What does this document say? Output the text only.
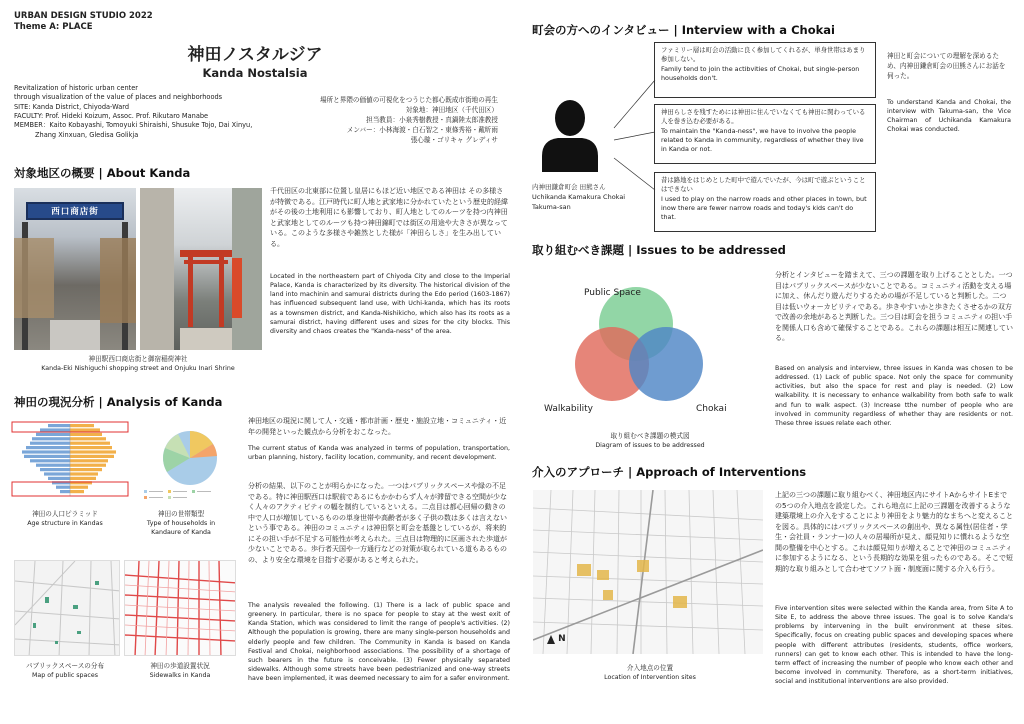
URBAN DESIGN STUDIO 2022
Theme A: PLACE
神田ノスタルジア
Kanda Nostalsia
Revitalization of historic urban center
through visualization of the value of places and neighborhoods
SITE: Kanda District, Chiyoda-Ward
FACULTY: Prof. Hideki Koizum, Assoc. Prof. Rikutaro Manabe
MEMBER：Kaito Kobayashi, Tomoyuki Shiraishi, Shusuke Tojo, Dai Xinyu,
Zhang Xinxuan, Gledisa Golikja
場所と界隈の価値の可視化をつうじた都心既成市街地の再生
対象地：神田地区（千代田区）
担当教員：小泉秀樹教授・真鍋陸太郎准教授
メンバー：小林海渡・白石智之・東條秀裕・戴昕雨
張心璇・ゴリキャ グレディサ
対象地区の概要 | About Kanda
西口商店街
神田駅西口商店街と御宿稲荷神社
Kanda-Eki Nishiguchi shopping street and Onjuku Inari Shrine
千代田区の北東部に位置し皇居にもほど近い地区である神田は その多様さが特徴である。江戸時代に町人地と武家地に分かれていたという歴史的経緯がその後の土地利用にも影響しており、町人地としてのルーツを持つ内神田と武家地としてのルーツも持つ神田錦町では街区の用途や大きさが異なっている。このような多様さや雑然とした様が「神田らしさ」を生み出している。
Located in the northeastern part of Chiyoda City and close to the Imperial Palace, Kanda is characterized by its diversity. The historical division of the land into machinin and samurai districts during the Edo period (1603-1867) has influenced subsequent land use, with Uchi-kanda, which has its roots as a townsmen district, and Kanda-Nishikicho, which also has its roots as a samurai district, having different uses and sizes for the city blocks. This diversity and chaos creates the "Kanda-ness" of the area.
神田の現況分析 | Analysis of Kanda
神田の人口ピラミッド
Age structure in Kandas
神田の世帯類型
Type of households in
Kandaure of Kanda
パブリックスペースの分布
Map of public spaces
神田の歩道設置状況
Sidewalks in Kanda
神田地区の現況に関して人・交通・都市計画・歴史・施設立地・コミュニティ・近年の開発といった観点から分析をおこなった。
The current status of Kanda was analyzed in terms of population, transportation, urban planning, history, facility location, community, and recent development.
分析の結果、以下のことが明らかになった。一つはパブリックスペースや緑の不足である。特に神田駅西口は駅前であるにもかかわらず人々が滞留できる空間が少なく人々のアクティビティの幅を制約しているといえる。二点目は都心回帰の動きの中で人口が増加しているものの単身世帯や高齢者が多く子供の数は多くは言えないという事である。神田のコミュニティは神田祭と町会を基盤としているが、将来的にその担い手が不足する可能性が考えられた。三点目は物理的に区画された歩道が少ないことである。歩行者天国や一方通行などの対策が取られている道もあるものの、より安全な環境を目指す必要があると考えられた。
The analysis revealed the following. (1) There is a lack of public space and greenery. In particular, there is no space for people to stay at the west exit of Kanda Station, which was considered to limit the range of people's activities. (2) Although the population is growing, there are many single-person households and elderly people and few children. The Community in Kanda is based on Kanda Festival and Chokai, neighborhood associations. The possibility of a shortage of such bearers in the future is conceivable. (3) Fewer physically separated sidewalks. Although some streets have been pedestrianized and one-way streets have been implemented, it was deemed necessary to aim for a safer environment.
町会の方へのインタビュー | Interview with a Chokai
内神田鎌倉町会 田熊さん
Uchikanda Kamakura Chokai
Takuma-san
ファミリー層は町会の活動に良く参加してくれるが、単身世帯はあまり参加しない。
Family tend to join the actibvities of Chokai, but single-person households don't.
神田らしさを残すためには神田に住んでいなくても神田に関わっている人を巻き込む必要がある。
To maintain the "Kanda-ness", we have to involve the people related to Kanda in community, regardless of whether they live in Kanda or not.
昔は路地をはじめとした町中で遊んでいたが、今は町で遊ぶということはできない
I used to play on the narrow roads and other places in town, but inow there are fewer narrow roads and today's kids can't do that.
神田と町会についての理解を深めるため、内神田鎌倉町会の田熊さんにお話を伺った。
To understand Kanda and Chokai, the interview with Takuma-san, the Vice Chairman of Uchikanda Kamakura Chokai was conducted.
取り組むべき課題 | Issues to be addressed
Public Space
Walkability	Chokai
取り組むべき課題の模式図
Diagram of issues to be addressed
分析とインタビューを踏まえて、三つの課題を取り上げることとした。一つ目はパブリックスペースが少ないことである。コミュニティ活動を支える場に加え、休んだり遊んだりするための場が不足していると判断した。二つ目は低いウォーカビリティである。歩きやすいかと歩きたくさせるかの双方で改善の余地があると判断した。三つ目は町会を担うコミュニティの担い手を関係人口も含めて確保することである。これらの課題は相互に関連している。
Based on analysis and interview, three issues in Kanda was chosen to be addressed. (1) Lack of public space. Not only the space for community activities, but also the space for rest and play is needed. (2) Low walkability. It is necessary to enhance walkability from both safe to walk and fun to walk aspect. (3) Increase tthe number of people who are involved in community regardless of whether thay are residents or not. These three issues relate each other.
介入のアプローチ | Approach of Interventions
N
介入地点の位置
Location of Intervention sites
上記の三つの課題に取り組むべく、神田地区内にサイトAからサイトEまでの5つの介入地点を設定した。これら地点に上記の三課題を改善するような建築環境上の介入をすることにより神田をより魅力的なまちへと変えることを図る。具体的にはパブリックスペースの創出や、異なる属性(居住者・学生・会社員・ランナー)の人々の居場所が見え、顔見知りに慣れるような空間の整備を中心とする。これは顔見知りが増えることで神田のコミュニティに参加するようになる、という長期的な効果を狙ったものである。そこで短期的な取り組みとして合わせてソフト面・制度面に関する介入も行う。
Five intervention sites were selected within the Kanda area, from Site A to Site E, to address the above three issues. The goal is to solve Kanda's problems by intervening in the built environment at these sites. Specifically, focus on creating public spaces and developing spaces where people with different attributes (residents, students, office workers, runners) can get to know each other. This is intended to have the long-term effect of increasing the number of people who know each other and become involved in community. Therefore, as a short-term initiatives, social and institutional interventions are also provided.
